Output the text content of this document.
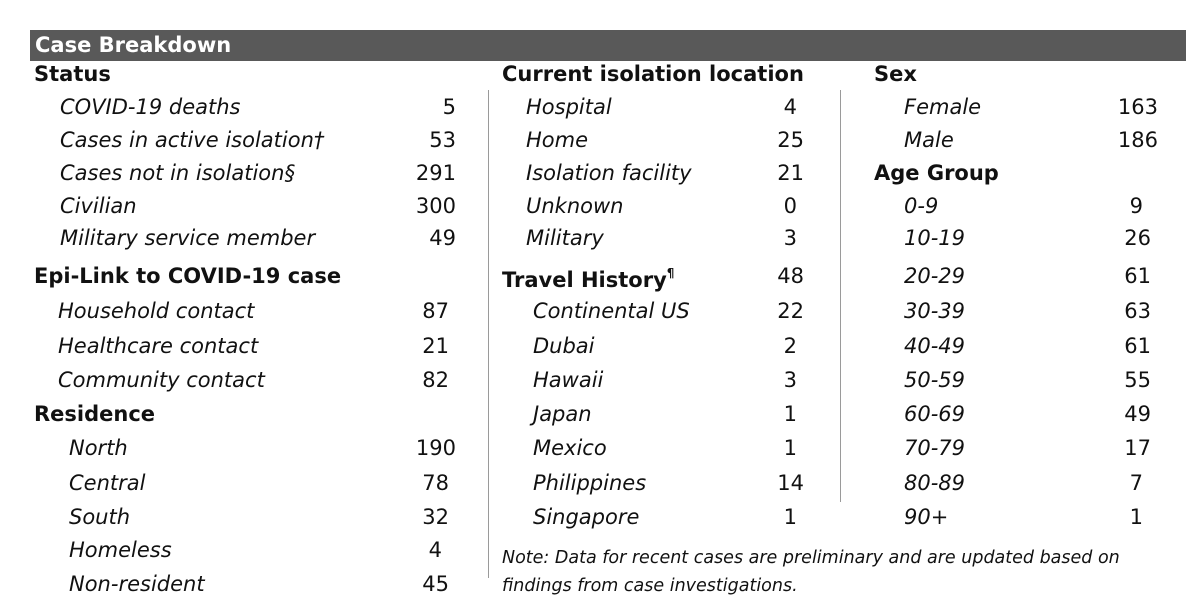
Case Breakdown
Status
COVID-19 deaths	5
Cases in active isolation†	53
Cases not in isolation§	291
Civilian	300
Military service member	49
Epi-Link to COVID-19 case
Household contact	87
Healthcare contact	21
Community contact	82
Residence
North	190
Central	78
South	32
Homeless	4
Non-resident	45
Current isolation location
Hospital	4
Home	25
Isolation facility	21
Unknown	0
Military	3
Travel History¶	48
Continental US	22
Dubai	2
Hawaii	3
Japan	1
Mexico	1
Philippines	14
Singapore	1
Sex
Female	163
Male	186
Age Group
0-9	9
10-19	26
20-29	61
30-39	63
40-49	61
50-59	55
60-69	49
70-79	17
80-89	7
90+	1
Note: Data for recent cases are preliminary and are updated based on findings from case investigations.
